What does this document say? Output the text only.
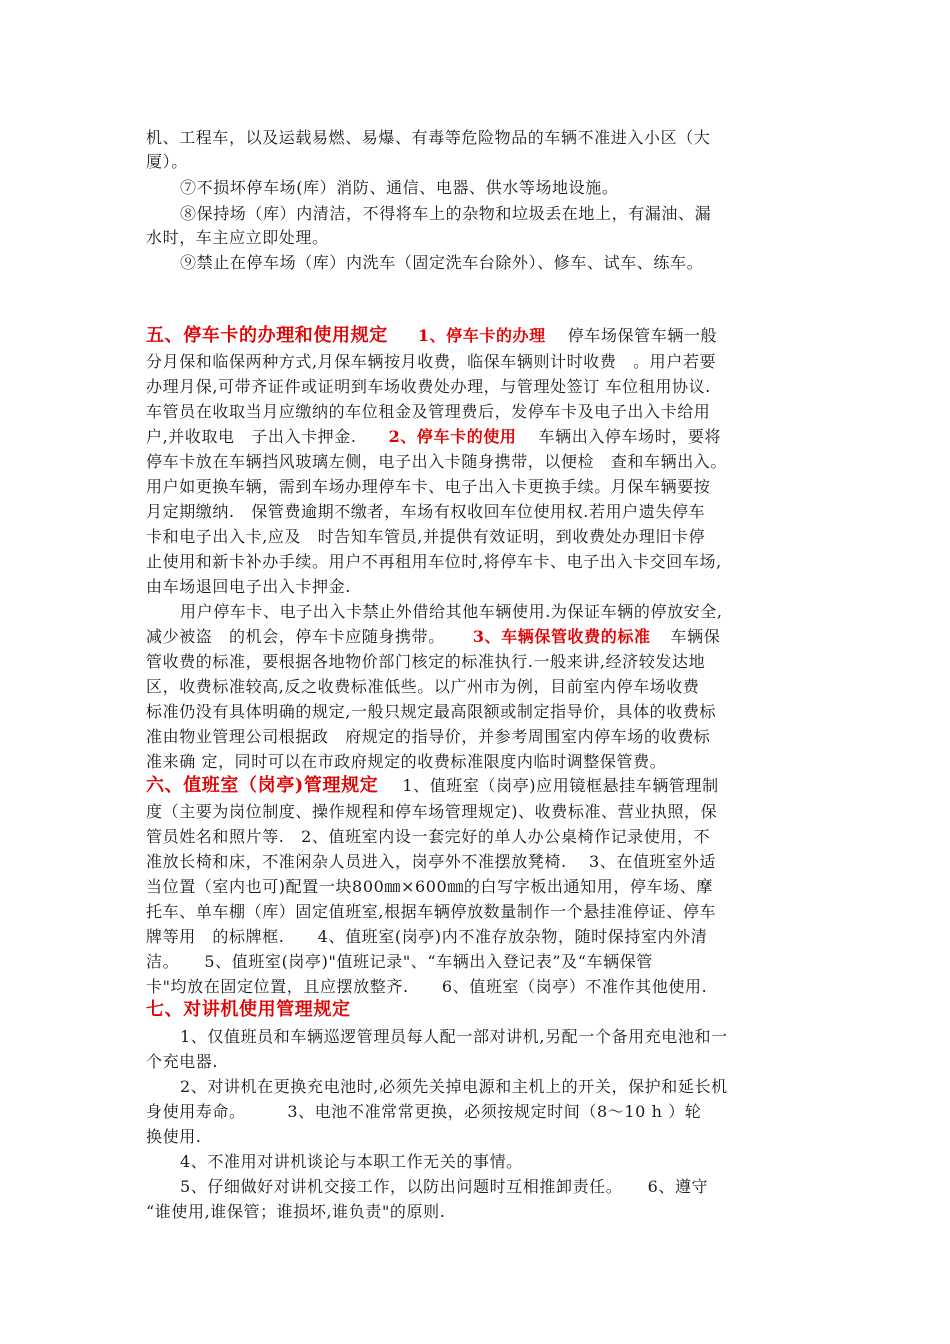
机、工程车，以及运载易燃、易爆、有毒等危险物品的车辆不准进入小区（大
厦）。
⑦不损坏停车场(库）消防、通信、电器、供水等场地设施。
⑧保持场（库）内清洁，不得将车上的杂物和垃圾丢在地上，有漏油、漏
水时，车主应立即处理。
⑨禁止在停车场（库）内洗车（固定洗车台除外）、修车、试车、练车。
五、停车卡的办理和使用规定 1、停车卡的办理 停车场保管车辆一般
分月保和临保两种方式,月保车辆按月收费，临保车辆则计时收费　。用户若要
办理月保,可带齐证件或证明到车场收费处办理，与管理处签订 车位租用协议.
车管员在收取当月应缴纳的车位租金及管理费后，发停车卡及电子出入卡给用
户,并收取电　子出入卡押金. 2、停车卡的使用 车辆出入停车场时，要将
停车卡放在车辆挡风玻璃左侧，电子出入卡随身携带，以便检　查和车辆出入。
用户如更换车辆，需到车场办理停车卡、电子出入卡更换手续。月保车辆要按
月定期缴纳.　保管费逾期不缴者，车场有权收回车位使用权.若用户遗失停车
卡和电子出入卡,应及　时告知车管员,并提供有效证明，到收费处办理旧卡停
止使用和新卡补办手续。用户不再租用车位时,将停车卡、电子出入卡交回车场,
由车场退回电子出入卡押金.
用户停车卡、电子出入卡禁止外借给其他车辆使用.为保证车辆的停放安全,
减少被盗　的机会，停车卡应随身携带。 3、车辆保管收费的标准 车辆保
管收费的标准，要根据各地物价部门核定的标准执行.一般来讲,经济较发达地
区，收费标准较高,反之收费标准低些。以广州市为例，目前室内停车场收费
标准仍没有具体明确的规定,一般只规定最高限额或制定指导价，具体的收费标
准由物业管理公司根据政　府规定的指导价，并参考周围室内停车场的收费标
准来确 定，同时可以在市政府规定的收费标准限度内临时调整保管费。
六、值班室（岗亭)管理规定 1、值班室（岗亭)应用镜框悬挂车辆管理制
度（主要为岗位制度、操作规程和停车场管理规定)、收费标准、营业执照，保
管员姓名和照片等.　2、值班室内设一套完好的单人办公桌椅作记录使用，不
准放长椅和床，不准闲杂人员进入，岗亭外不准摆放凳椅.　 3、在值班室外适
当位置（室内也可)配置一块800㎜×600㎜的白写字板出通知用，停车场、摩
托车、单车棚（库）固定值班室,根据车辆停放数量制作一个悬挂准停证、停车
牌等用　的标牌框.　　4、值班室(岗亭)内不准存放杂物，随时保持室内外清
洁。　　5、值班室(岗亭)"值班记录"、“车辆出入登记表”及“车辆保管
卡"均放在固定位置，且应摆放整齐.　　6、值班室（岗亭）不准作其他使用.
七、对讲机使用管理规定
1、仅值班员和车辆巡逻管理员每人配一部对讲机,另配一个备用充电池和一
个充电器.
2、对讲机在更换充电池时,必须先关掉电源和主机上的开关，保护和延长机
身使用寿命。　　　3、电池不准常常更换，必须按规定时间（8～10 h ）轮
换使用.
4、不准用对讲机谈论与本职工作无关的事情。
5、仔细做好对讲机交接工作，以防出问题时互相推卸责任。　　6、遵守
“谁使用,谁保管；谁损坏,谁负责"的原则.
